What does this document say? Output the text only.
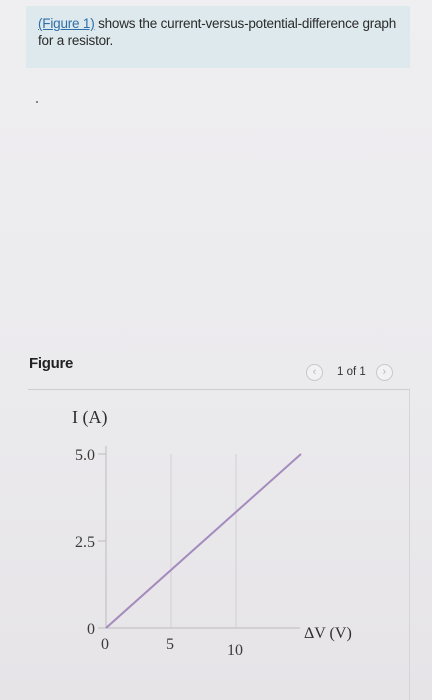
(Figure 1) shows the current-versus-potential-difference graph for a resistor.
Figure	‹ 1 of 1 ›
0
2.5
5.0
0	5	10
I (A)
ΔV (V)
